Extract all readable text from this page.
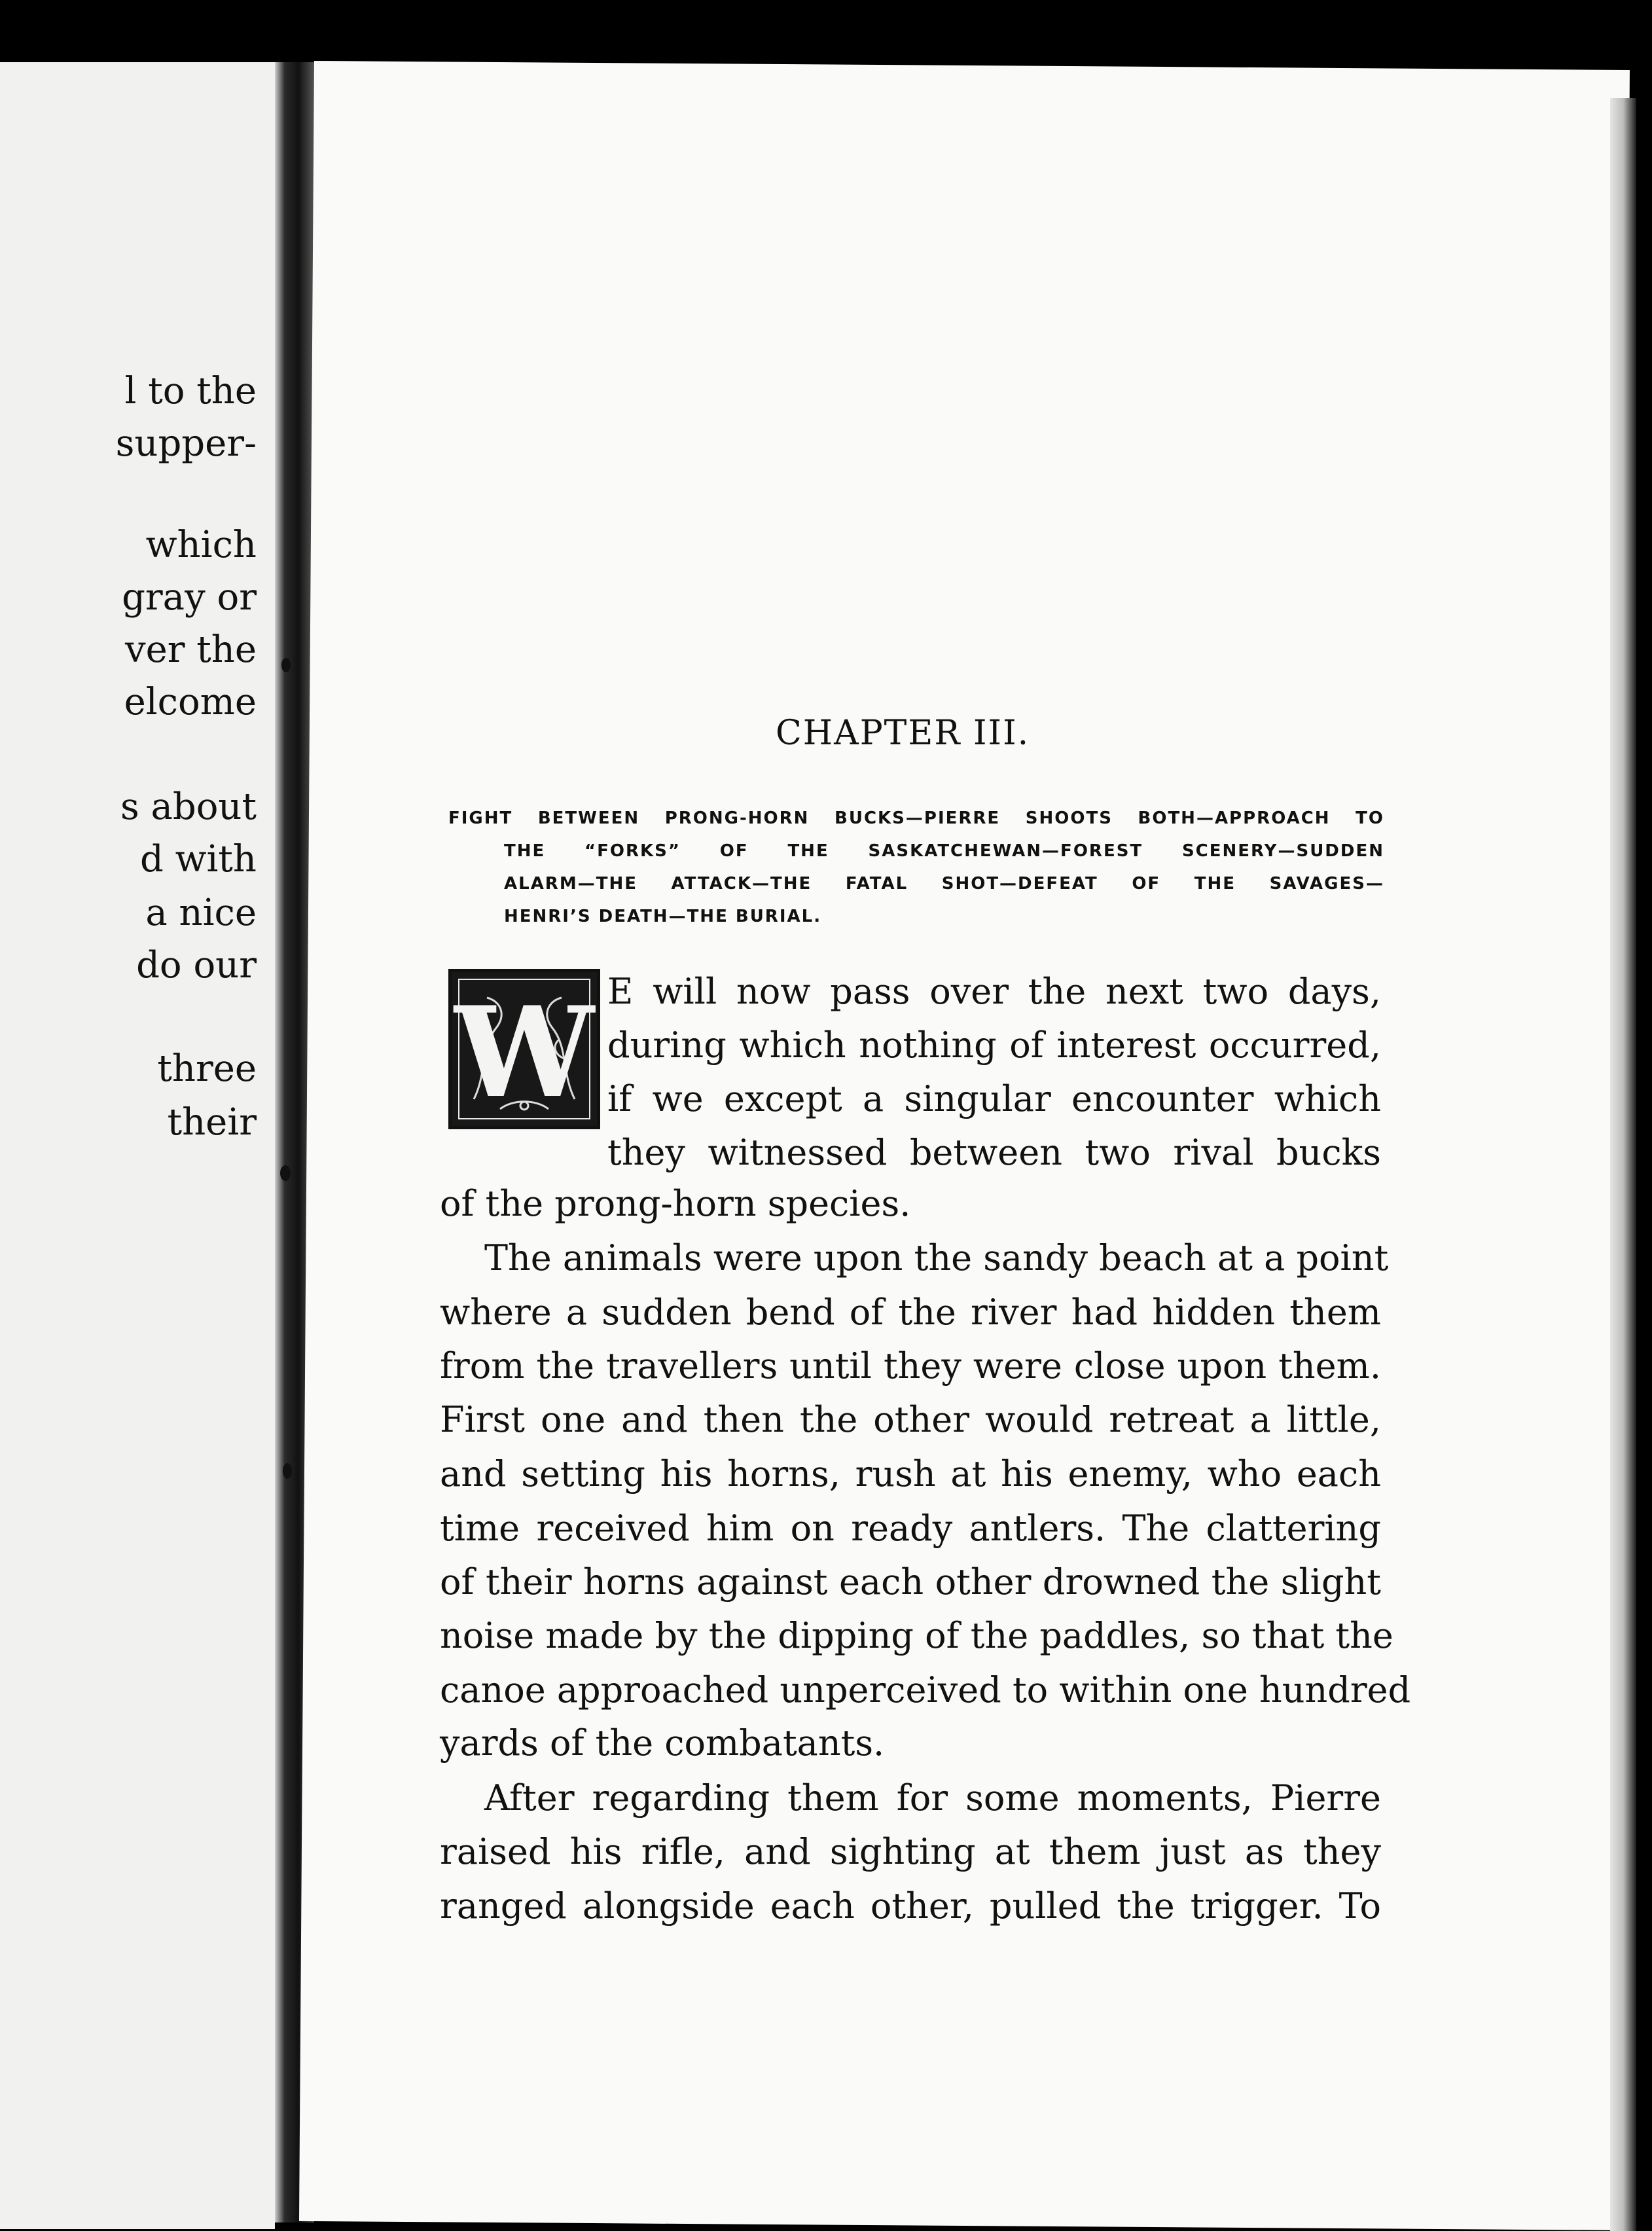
l to the

supper-

which

gray or

ver the

elcome

s about

d with

a nice

do our

three

their

CHAPTER III.
FIGHT BETWEEN PRONG-HORN BUCKS—PIERRE SHOOTS BOTH—APPROACH TO
THE “FORKS” OF THE SASKATCHEWAN—FOREST SCENERY—SUDDEN
ALARM—THE ATTACK—THE FATAL SHOT—DEFEAT OF THE SAVAGES—
HENRI’S DEATH—THE BURIAL.
W E will now pass over the next two days,

during which nothing of interest occurred,

if we except a singular encounter which

they witnessed between two rival bucks

of the prong-horn species.

The animals were upon the sandy beach at a point

where a sudden bend of the river had hidden them

from the travellers until they were close upon them.

First one and then the other would retreat a little,

and setting his horns, rush at his enemy, who each

time received him on ready antlers. The clattering

of their horns against each other drowned the slight

noise made by the dipping of the paddles, so that the

canoe approached unperceived to within one hundred

yards of the combatants.

After regarding them for some moments, Pierre

raised his rifle, and sighting at them just as they

ranged alongside each other, pulled the trigger. To
